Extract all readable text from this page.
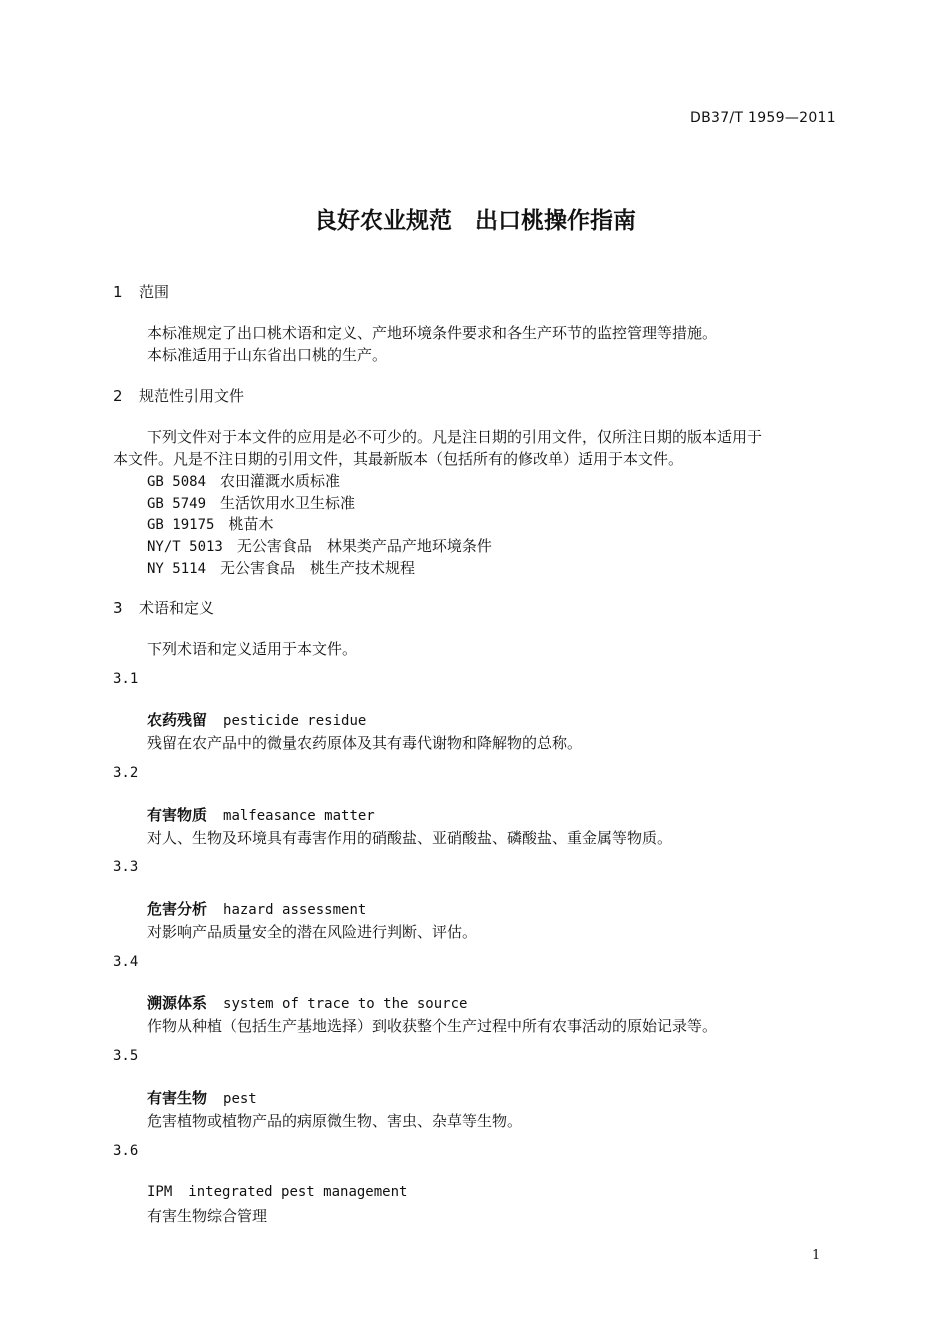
DB37/T 1959—2011
良好农业规范　出口桃操作指南
1 范围
本标准规定了出口桃术语和定义、产地环境条件要求和各生产环节的监控管理等措施。
本标准适用于山东省出口桃的生产。
2 规范性引用文件
下列文件对于本文件的应用是必不可少的。凡是注日期的引用文件，仅所注日期的版本适用于
本文件。凡是不注日期的引用文件，其最新版本（包括所有的修改单）适用于本文件。
GB 5084 农田灌溉水质标准
GB 5749 生活饮用水卫生标准
GB 19175 桃苗木
NY/T 5013 无公害食品　林果类产品产地环境条件
NY 5114 无公害食品　桃生产技术规程
3 术语和定义
下列术语和定义适用于本文件。
3.1
农药残留 pesticide residue
残留在农产品中的微量农药原体及其有毒代谢物和降解物的总称。
3.2
有害物质 malfeasance matter
对人、生物及环境具有毒害作用的硝酸盐、亚硝酸盐、磷酸盐、重金属等物质。
3.3
危害分析 hazard assessment
对影响产品质量安全的潜在风险进行判断、评估。
3.4
溯源体系 system of trace to the source
作物从种植（包括生产基地选择）到收获整个生产过程中所有农事活动的原始记录等。
3.5
有害生物 pest
危害植物或植物产品的病原微生物、害虫、杂草等生物。
3.6
IPM integrated pest management
有害生物综合管理
1
